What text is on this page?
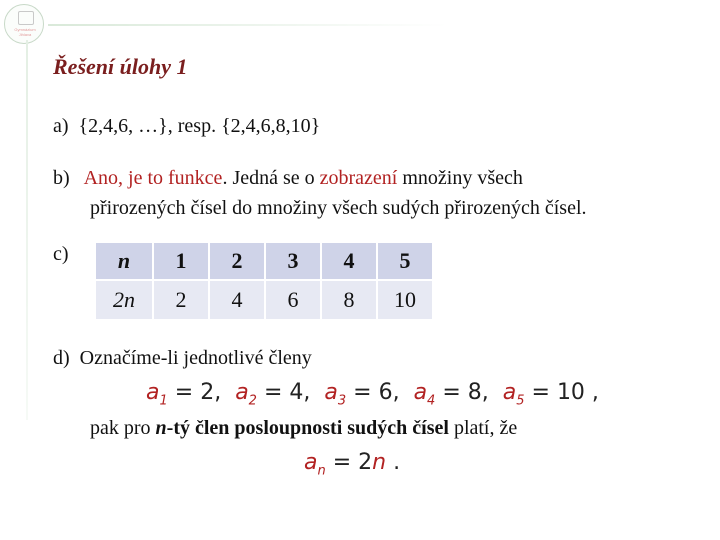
Gymnázium Jihlava
Řešení úlohy 1
a) {2,4,6, …}, resp. {2,4,6,8,10}
b) Ano, je to funkce. Jedná se o zobrazení množiny všech
přirozených čísel do množiny všech sudých přirozených čísel.
c) n	1	2	3	4	5
2n	2	4	6	8	10
d) Označíme-li jednotlivé členy
$a_1 = 2$, $a_2 = 4$, $a_3 = 6$, $a_4 = 8$, $a_5 = 10$ ,
pak pro n-tý člen posloupnosti sudých čísel platí, že
$a_n = 2n$ .
